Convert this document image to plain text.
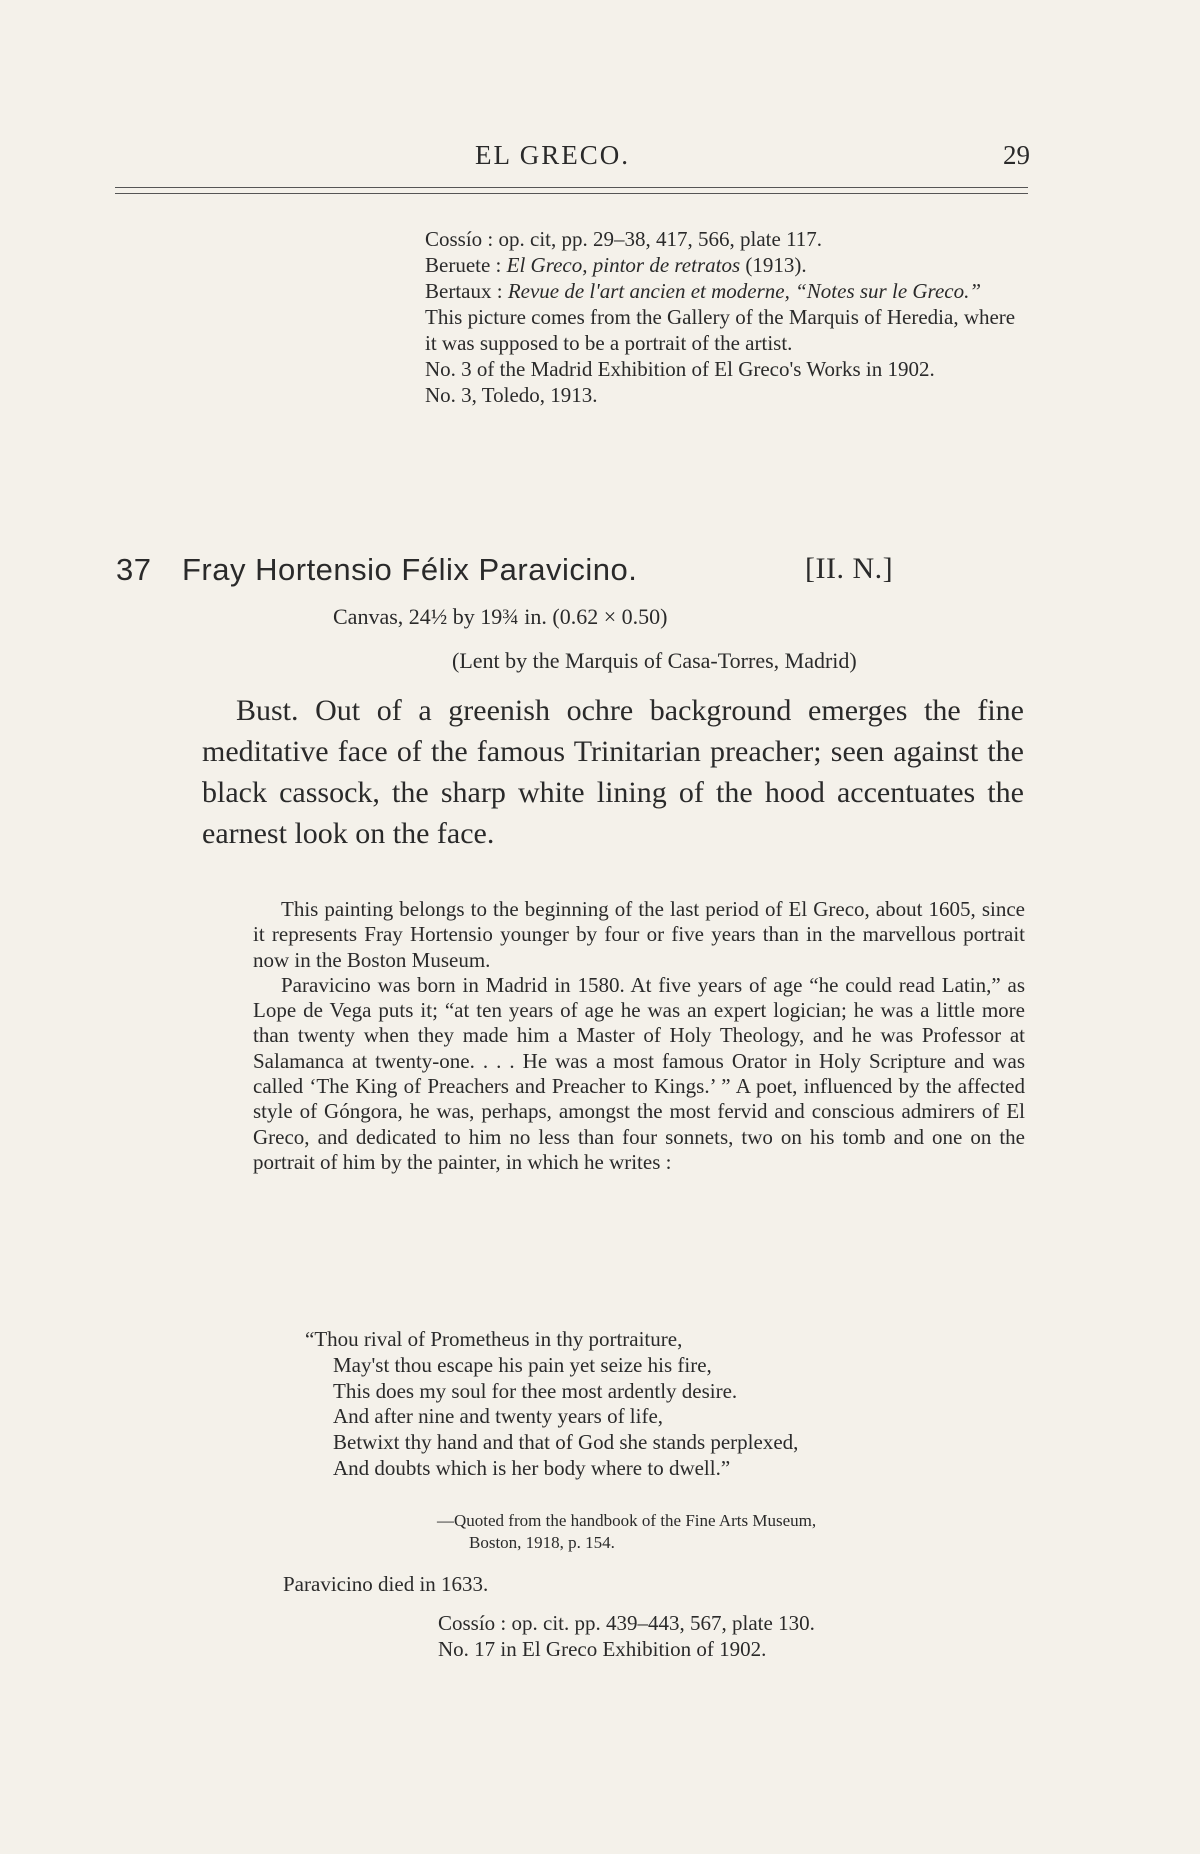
EL GRECO.	29

Cossío : op. cit, pp. 29–38, 417, 566, plate 117.

Beruete : El Greco, pintor de retratos (1913).

Bertaux : Revue de l'art ancien et moderne, “Notes sur le Greco.”

This picture comes from the Gallery of the Marquis of Heredia, where it was supposed to be a portrait of the artist.

No. 3 of the Madrid Exhibition of El Greco's Works in 1902.

No. 3, Toledo, 1913.

37 Fray Hortensio Félix Paravicino.	[II. N.]
Canvas, 24½ by 19¾ in. (0.62 × 0.50)
(Lent by the Marquis of Casa-Torres, Madrid)
Bust. Out of a greenish ochre background emerges the fine meditative face of the famous Trinitarian preacher; seen against the black cassock, the sharp white lining of the hood accentuates the earnest look on the face.

This painting belongs to the beginning of the last period of El Greco, about 1605, since it represents Fray Hortensio younger by four or five years than in the marvellous portrait now in the Boston Museum.

Paravicino was born in Madrid in 1580. At five years of age “he could read Latin,” as Lope de Vega puts it; “at ten years of age he was an expert logician; he was a little more than twenty when they made him a Master of Holy Theology, and he was Professor at Salamanca at twenty-one. . . . He was a most famous Orator in Holy Scripture and was called ‘The King of Preachers and Preacher to Kings.’ ” A poet, influenced by the affected style of Góngora, he was, perhaps, amongst the most fervid and conscious admirers of El Greco, and dedicated to him no less than four sonnets, two on his tomb and one on the portrait of him by the painter, in which he writes :

“Thou rival of Prometheus in thy portraiture,
May'st thou escape his pain yet seize his fire,
This does my soul for thee most ardently desire.
And after nine and twenty years of life,
Betwixt thy hand and that of God she stands perplexed,
And doubts which is her body where to dwell.”
—Quoted from the handbook of the Fine Arts Museum,
Boston, 1918, p. 154.
Paravicino died in 1633.
Cossío : op. cit. pp. 439–443, 567, plate 130.
No. 17 in El Greco Exhibition of 1902.
